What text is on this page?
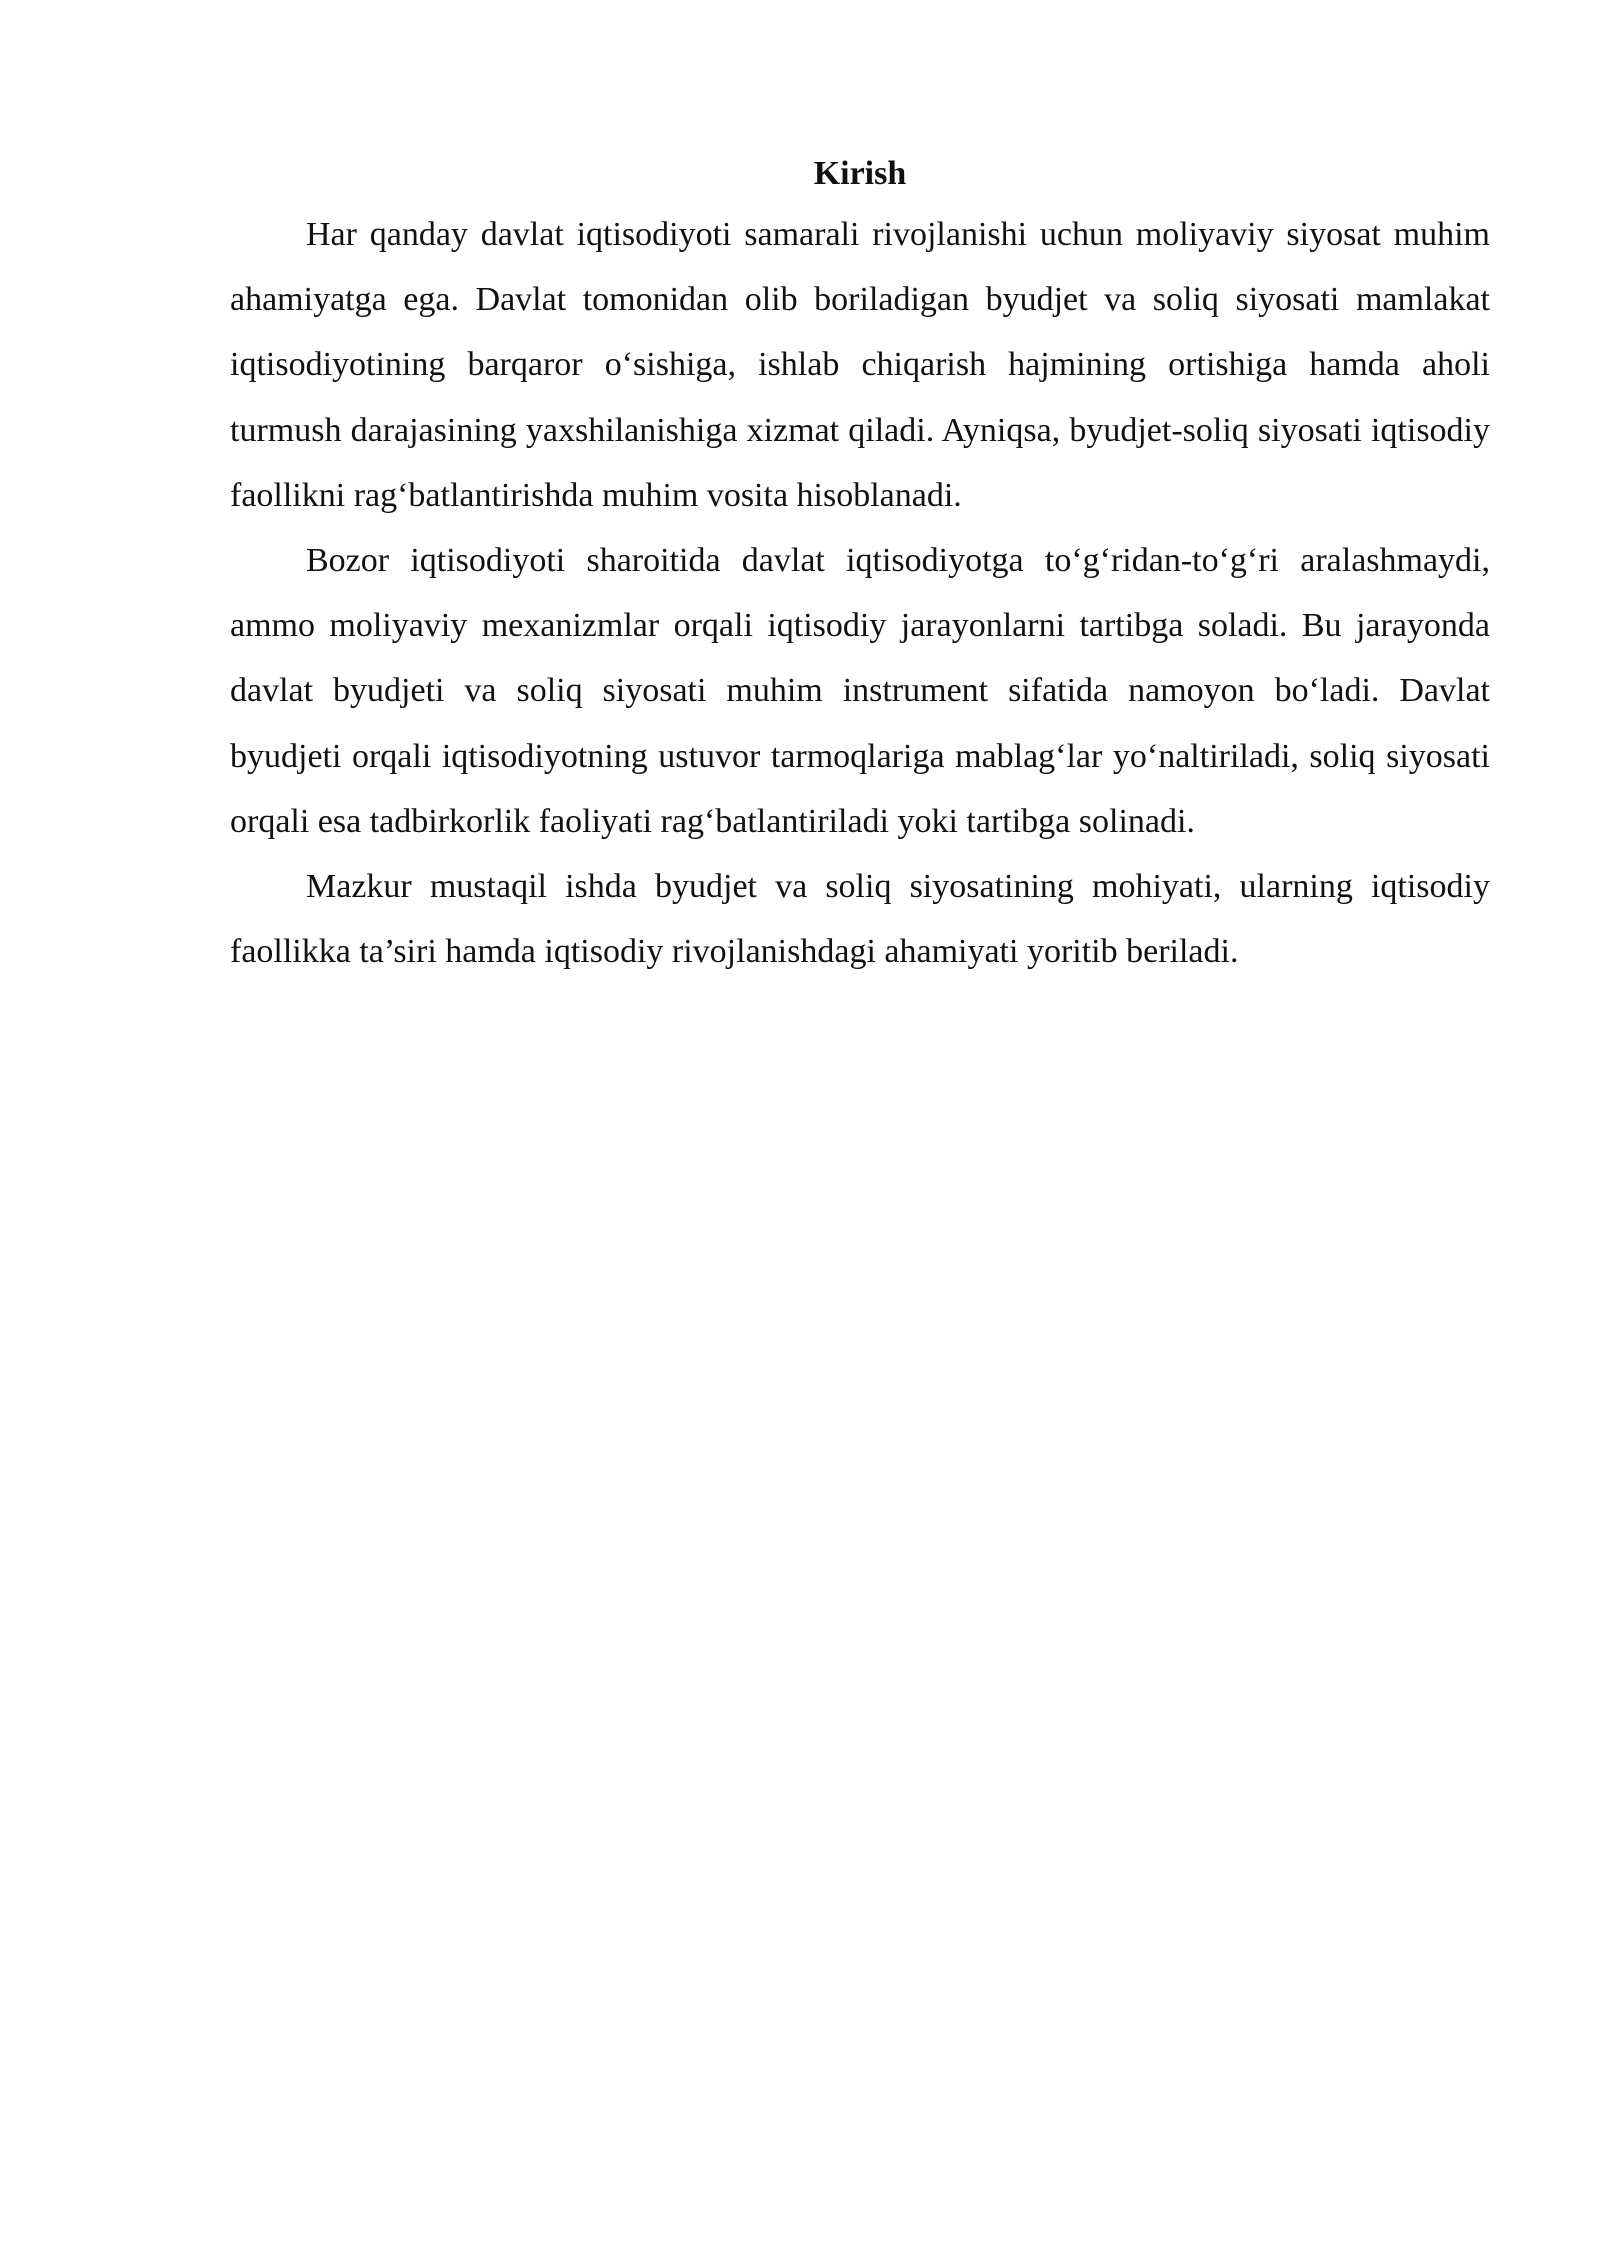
Kirish

Har qanday davlat iqtisodiyoti samarali rivojlanishi uchun moliyaviy siyosat muhim ahamiyatga ega. Davlat tomonidan olib boriladigan byudjet va soliq siyosati mamlakat iqtisodiyotining barqaror o‘sishiga, ishlab chiqarish hajmining ortishiga hamda aholi turmush darajasining yaxshilanishiga xizmat qiladi. Ayniqsa, byudjet-soliq siyosati iqtisodiy faollikni rag‘batlantirishda muhim vosita hisoblanadi.

Bozor iqtisodiyoti sharoitida davlat iqtisodiyotga to‘g‘ridan-to‘g‘ri aralashmaydi, ammo moliyaviy mexanizmlar orqali iqtisodiy jarayonlarni tartibga soladi. Bu jarayonda davlat byudjeti va soliq siyosati muhim instrument sifatida namoyon bo‘ladi. Davlat byudjeti orqali iqtisodiyotning ustuvor tarmoqlariga mablag‘lar yo‘naltiriladi, soliq siyosati orqali esa tadbirkorlik faoliyati rag‘batlantiriladi yoki tartibga solinadi.

Mazkur mustaqil ishda byudjet va soliq siyosatining mohiyati, ularning iqtisodiy faollikka ta’siri hamda iqtisodiy rivojlanishdagi ahamiyati yoritib beriladi.
